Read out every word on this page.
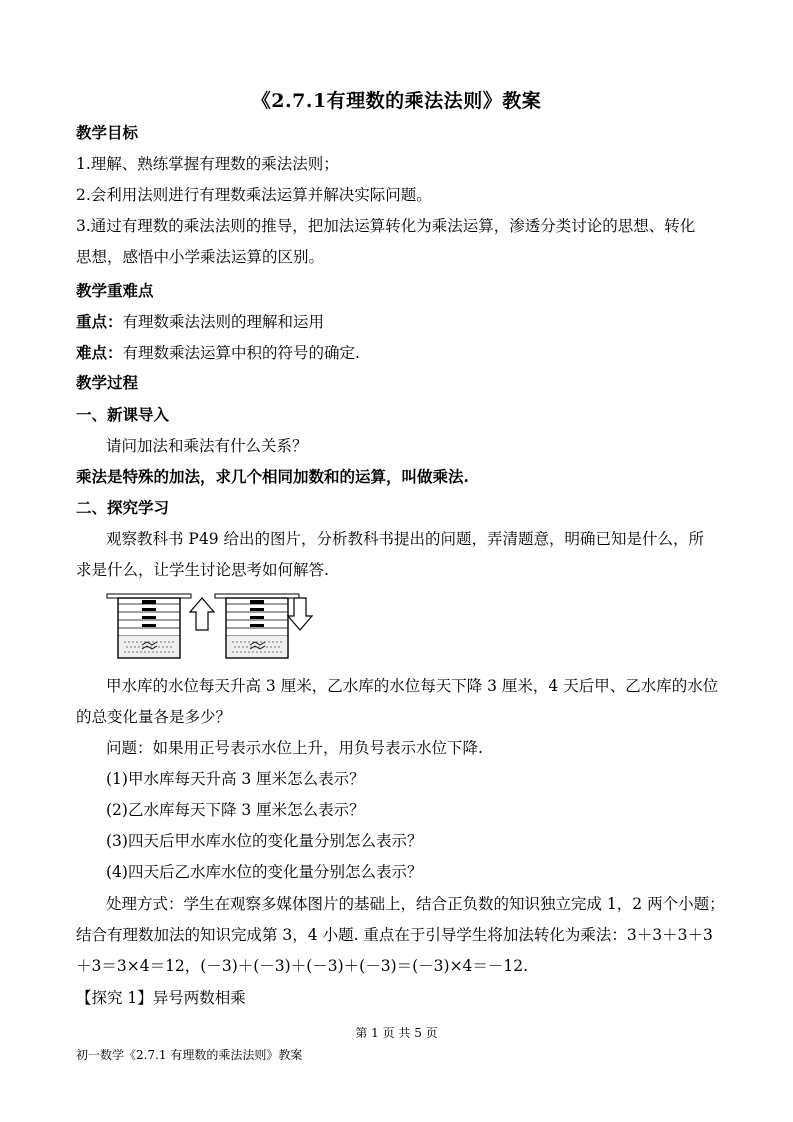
《2.7.1有理数的乘法法则》教案
教学目标
1.理解、熟练掌握有理数的乘法法则；
2.会利用法则进行有理数乘法运算并解决实际问题。
3.通过有理数的乘法法则的推导，把加法运算转化为乘法运算，渗透分类讨论的思想、转化
思想，感悟中小学乘法运算的区别。
教学重难点
重点：有理数乘法法则的理解和运用
难点：有理数乘法运算中积的符号的确定.
教学过程
一、新课导入
请问加法和乘法有什么关系？
乘法是特殊的加法，求几个相同加数和的运算，叫做乘法.
二、探究学习
观察教科书 P49 给出的图片，分析教科书提出的问题，弄清题意，明确已知是什么，所
求是什么，让学生讨论思考如何解答.
甲水库的水位每天升高 3 厘米，乙水库的水位每天下降 3 厘米，4 天后甲、乙水库的水位
的总变化量各是多少？
问题：如果用正号表示水位上升，用负号表示水位下降.
(1)甲水库每天升高 3 厘米怎么表示？
(2)乙水库每天下降 3 厘米怎么表示？
(3)四天后甲水库水位的变化量分别怎么表示？
(4)四天后乙水库水位的变化量分别怎么表示？
处理方式：学生在观察多媒体图片的基础上，结合正负数的知识独立完成 1，2 两个小题；
结合有理数加法的知识完成第 3，4 小题. 重点在于引导学生将加法转化为乘法：3＋3＋3＋3
＋3＝3×4＝12，(－3)＋(－3)＋(－3)＋(－3)＝(－3)×4＝－12.
【探究 1】异号两数相乘
第 1 页 共 5 页
初一数学《2.7.1 有理数的乘法法则》教案
